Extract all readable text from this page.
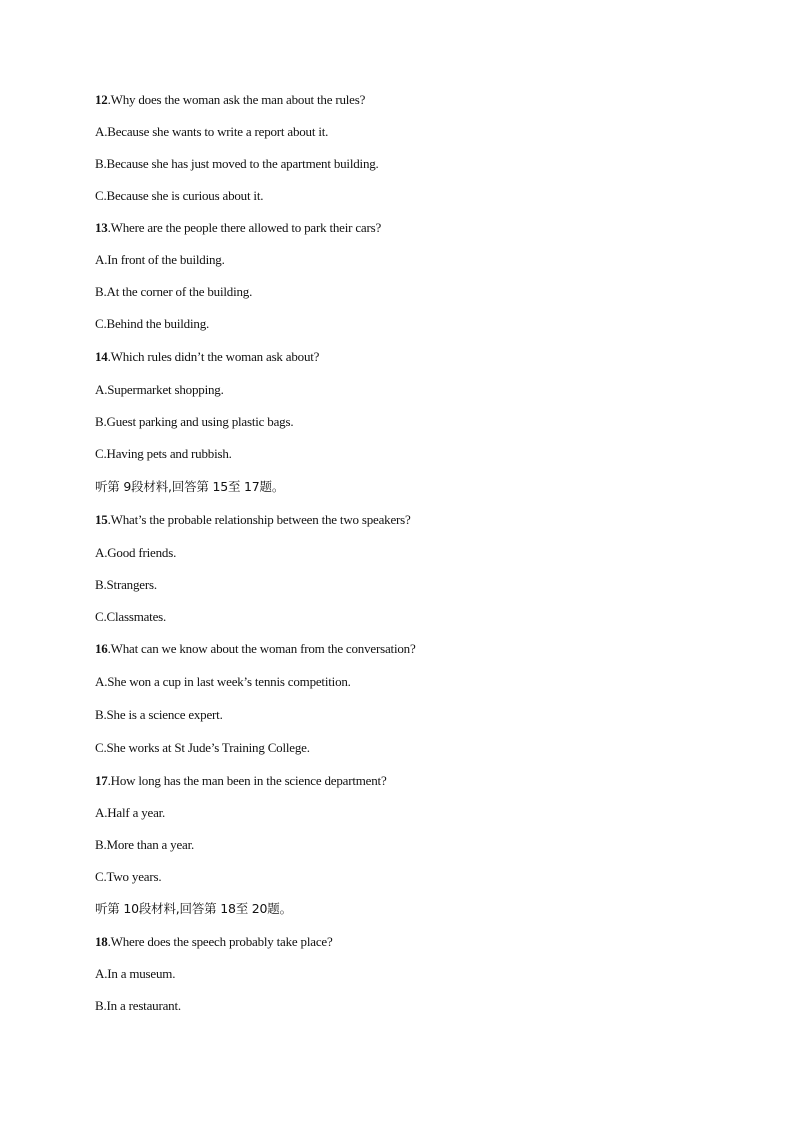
12.Why does the woman ask the man about the rules?
A.Because she wants to write a report about it.
B.Because she has just moved to the apartment building.
C.Because she is curious about it.
13.Where are the people there allowed to park their cars?
A.In front of the building.
B.At the corner of the building.
C.Behind the building.
14.Which rules didn’t the woman ask about?
A.Supermarket shopping.
B.Guest parking and using plastic bags.
C.Having pets and rubbish.
听第 9段材料,回答第 15至 17题。
15.What’s the probable relationship between the two speakers?
A.Good friends.
B.Strangers.
C.Classmates.
16.What can we know about the woman from the conversation?
A.She won a cup in last week’s tennis competition.
B.She is a science expert.
C.She works at St Jude’s Training College.
17.How long has the man been in the science department?
A.Half a year.
B.More than a year.
C.Two years.
听第 10段材料,回答第 18至 20题。
18.Where does the speech probably take place?
A.In a museum.
B.In a restaurant.
